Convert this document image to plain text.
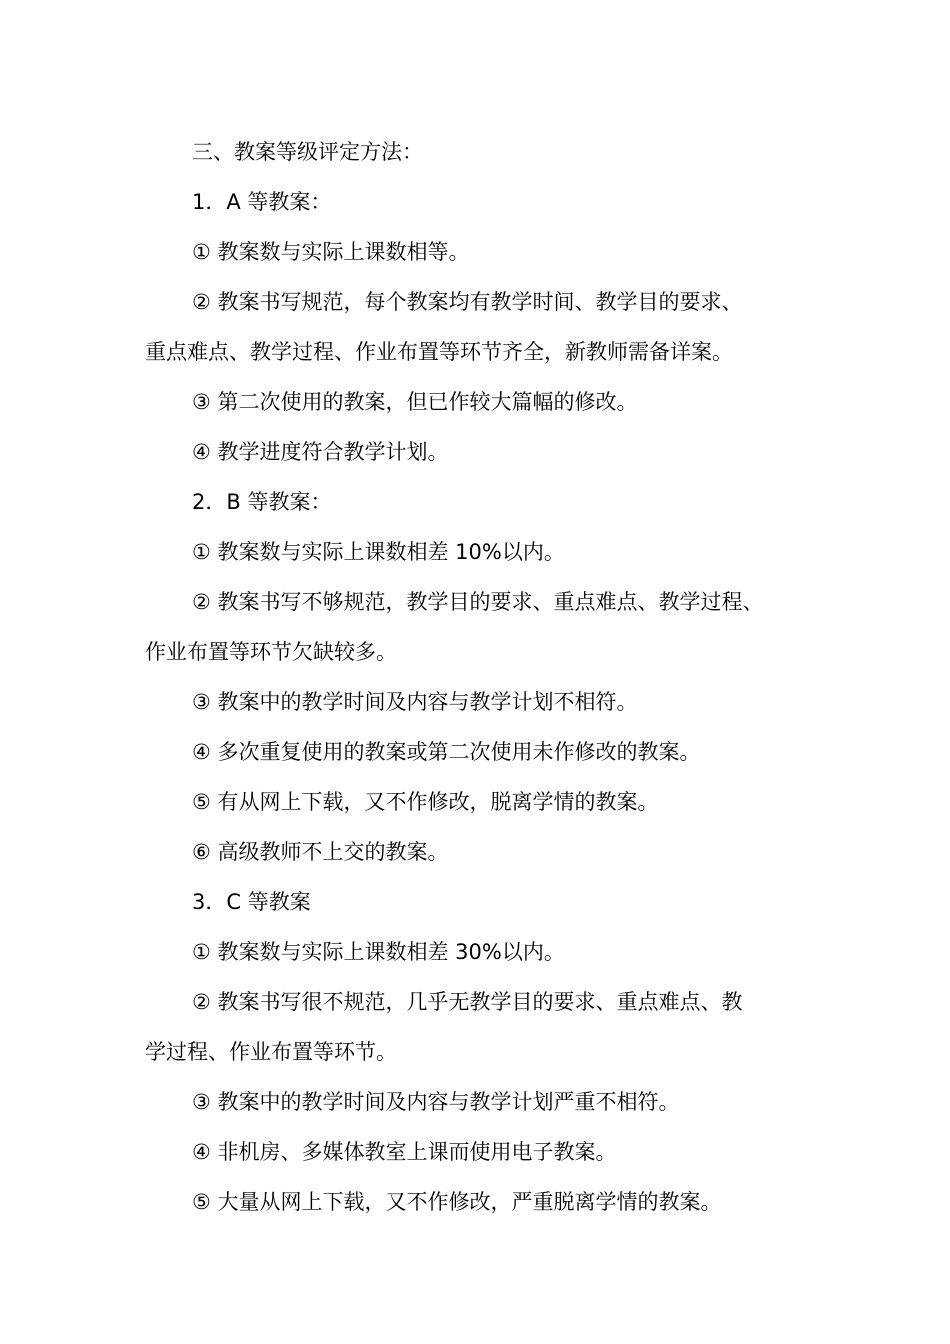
三、教案等级评定方法：
1．A 等教案：
① 教案数与实际上课数相等。
② 教案书写规范，每个教案均有教学时间、教学目的要求、
重点难点、教学过程、作业布置等环节齐全，新教师需备详案。
③ 第二次使用的教案，但已作较大篇幅的修改。
④ 教学进度符合教学计划。
2．B 等教案：
① 教案数与实际上课数相差 10%以内。
② 教案书写不够规范，教学目的要求、重点难点、教学过程、
作业布置等环节欠缺较多。
③ 教案中的教学时间及内容与教学计划不相符。
④ 多次重复使用的教案或第二次使用未作修改的教案。
⑤ 有从网上下载，又不作修改，脱离学情的教案。
⑥ 高级教师不上交的教案。
3．C 等教案
① 教案数与实际上课数相差 30%以内。
② 教案书写很不规范，几乎无教学目的要求、重点难点、教
学过程、作业布置等环节。
③ 教案中的教学时间及内容与教学计划严重不相符。
④ 非机房、多媒体教室上课而使用电子教案。
⑤ 大量从网上下载，又不作修改，严重脱离学情的教案。
